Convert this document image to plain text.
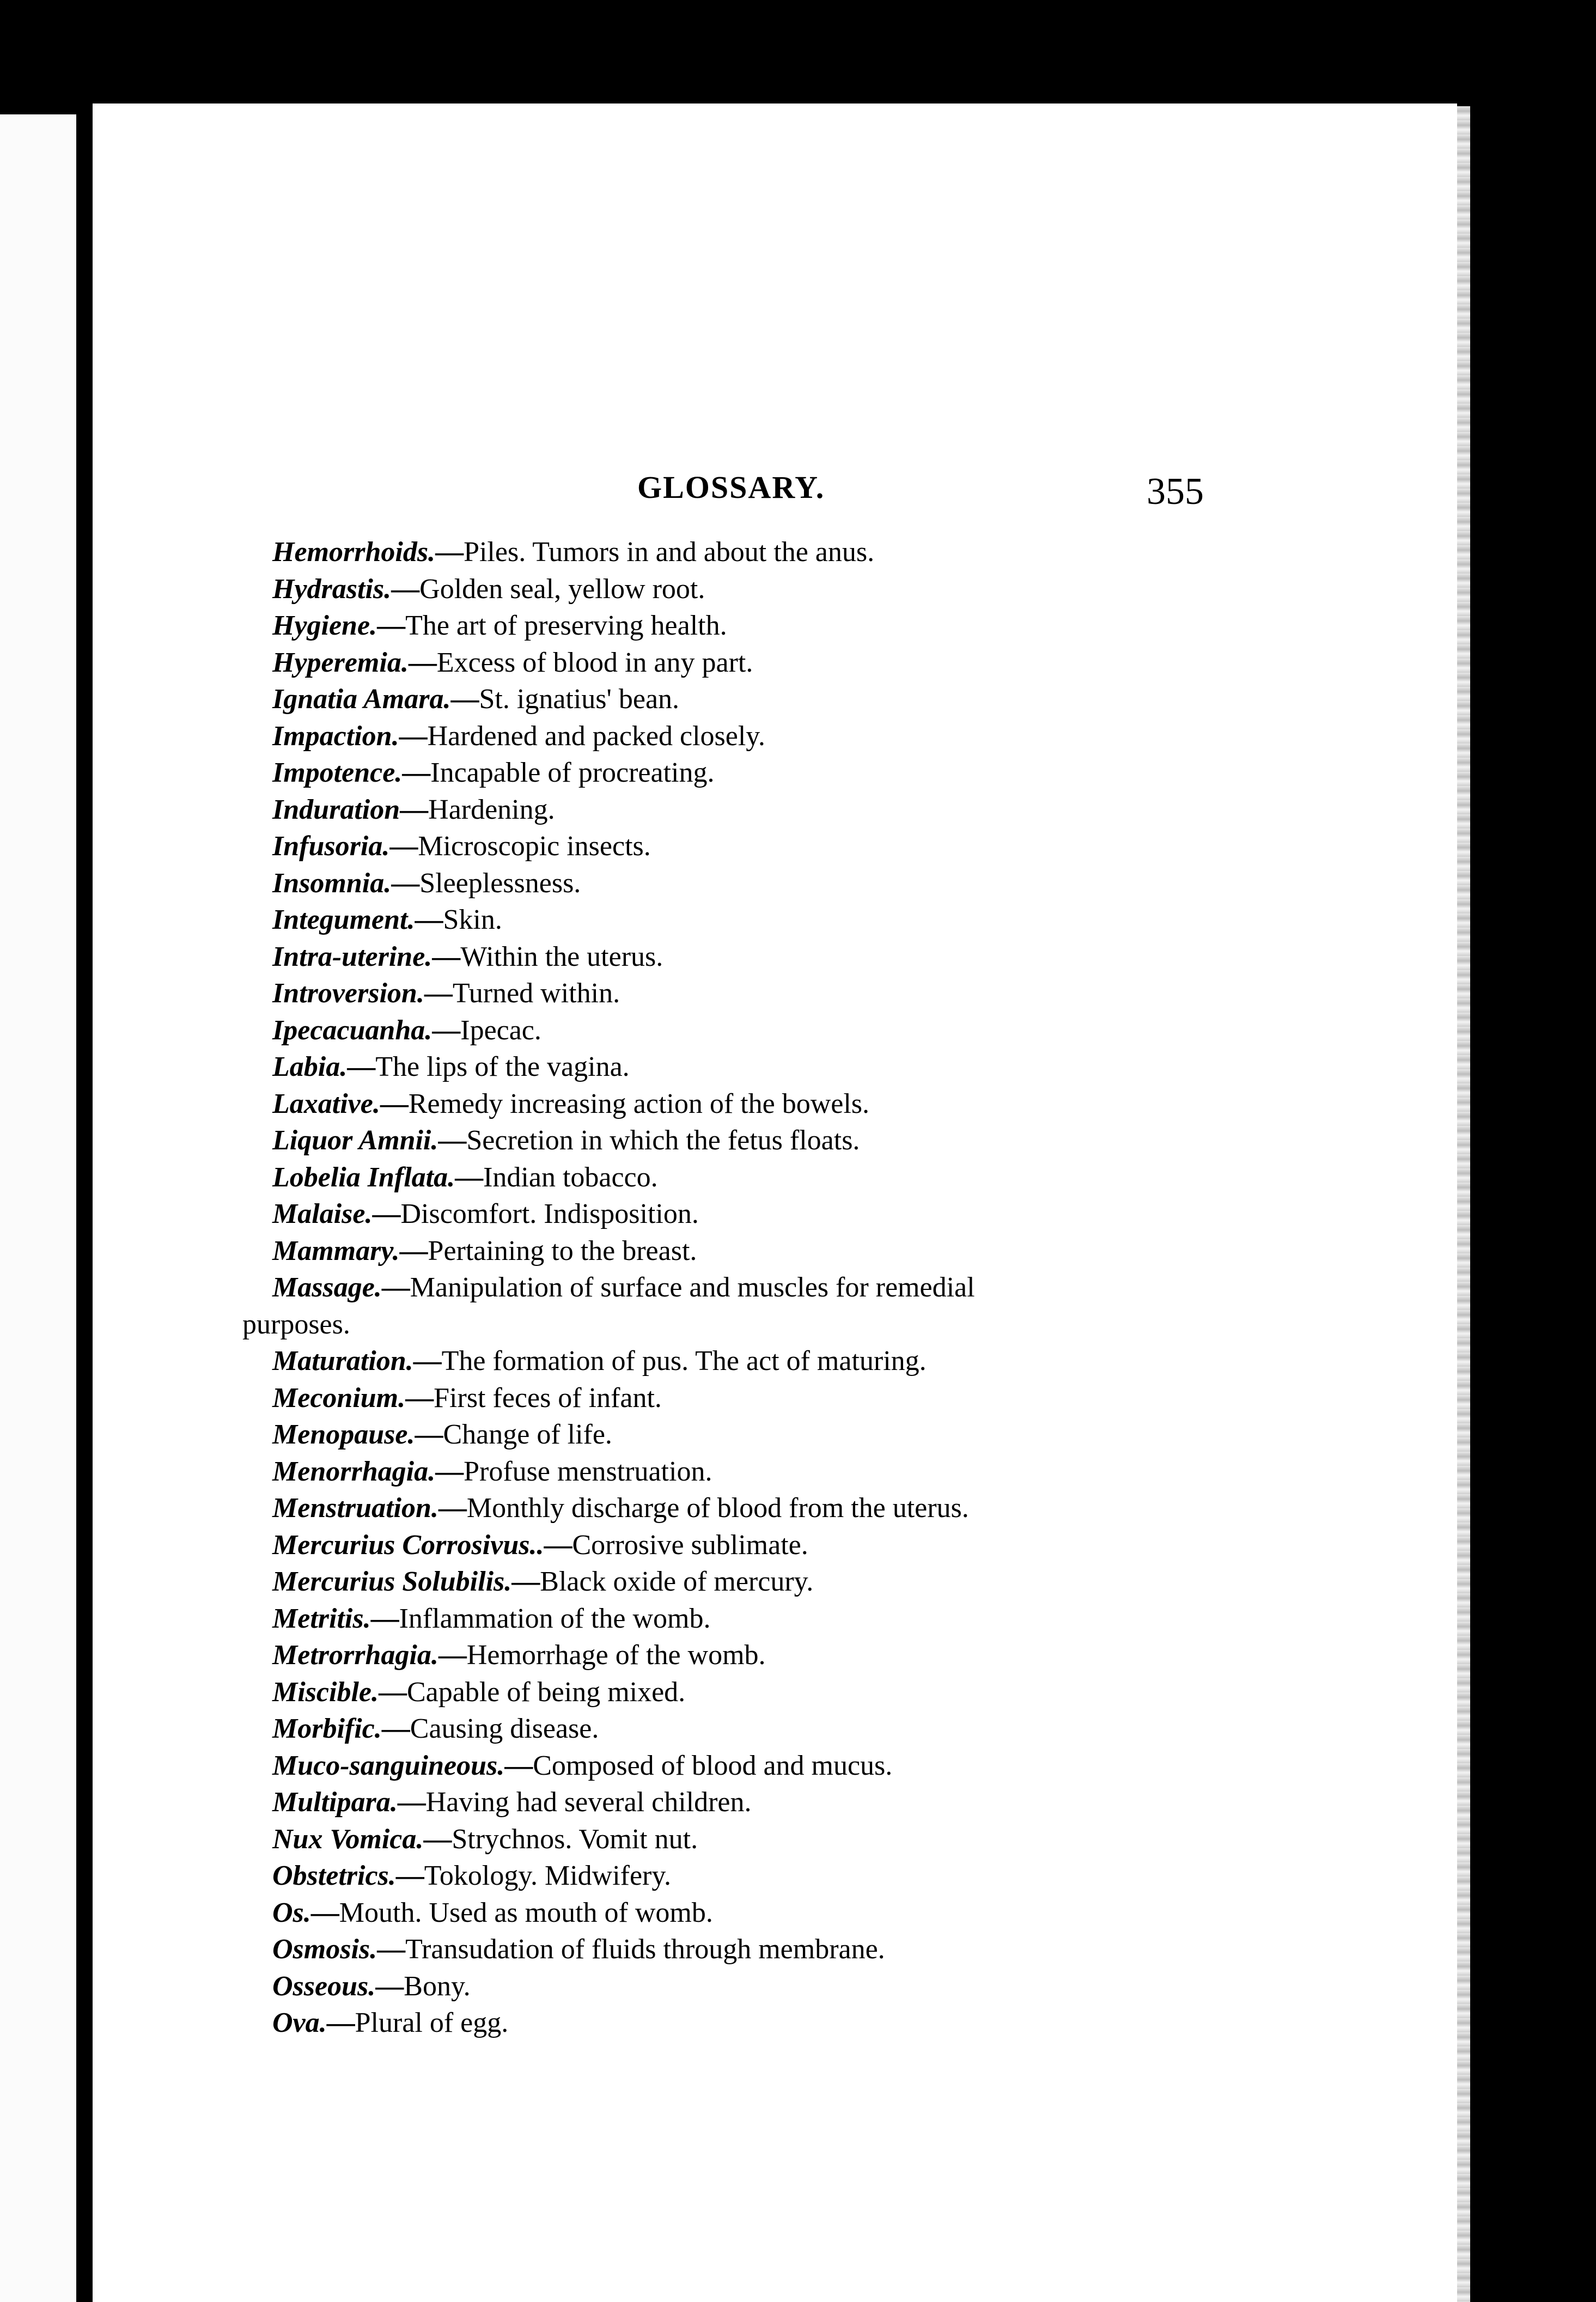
GLOSSARY.	355
Hemorrhoids.—Piles. Tumors in and about the anus.
Hydrastis.—Golden seal, yellow root.
Hygiene.—The art of preserving health.
Hyperemia.—Excess of blood in any part.
Ignatia Amara.—St. ignatius' bean.
Impaction.—Hardened and packed closely.
Impotence.—Incapable of procreating.
Induration—Hardening.
Infusoria.—Microscopic insects.
Insomnia.—Sleeplessness.
Integument.—Skin.
Intra-uterine.—Within the uterus.
Introversion.—Turned within.
Ipecacuanha.—Ipecac.
Labia.—The lips of the vagina.
Laxative.—Remedy increasing action of the bowels.
Liquor Amnii.—Secretion in which the fetus floats.
Lobelia Inflata.—Indian tobacco.
Malaise.—Discomfort. Indisposition.
Mammary.—Pertaining to the breast.
Massage.—Manipulation of surface and muscles for remedial
purposes.
Maturation.—The formation of pus. The act of maturing.
Meconium.—First feces of infant.
Menopause.—Change of life.
Menorrhagia.—Profuse menstruation.
Menstruation.—Monthly discharge of blood from the uterus.
Mercurius Corrosivus..—Corrosive sublimate.
Mercurius Solubilis.—Black oxide of mercury.
Metritis.—Inflammation of the womb.
Metrorrhagia.—Hemorrhage of the womb.
Miscible.—Capable of being mixed.
Morbific.—Causing disease.
Muco-sanguineous.—Composed of blood and mucus.
Multipara.—Having had several children.
Nux Vomica.—Strychnos. Vomit nut.
Obstetrics.—Tokology. Midwifery.
Os.—Mouth. Used as mouth of womb.
Osmosis.—Transudation of fluids through membrane.
Osseous.—Bony.
Ova.—Plural of egg.
